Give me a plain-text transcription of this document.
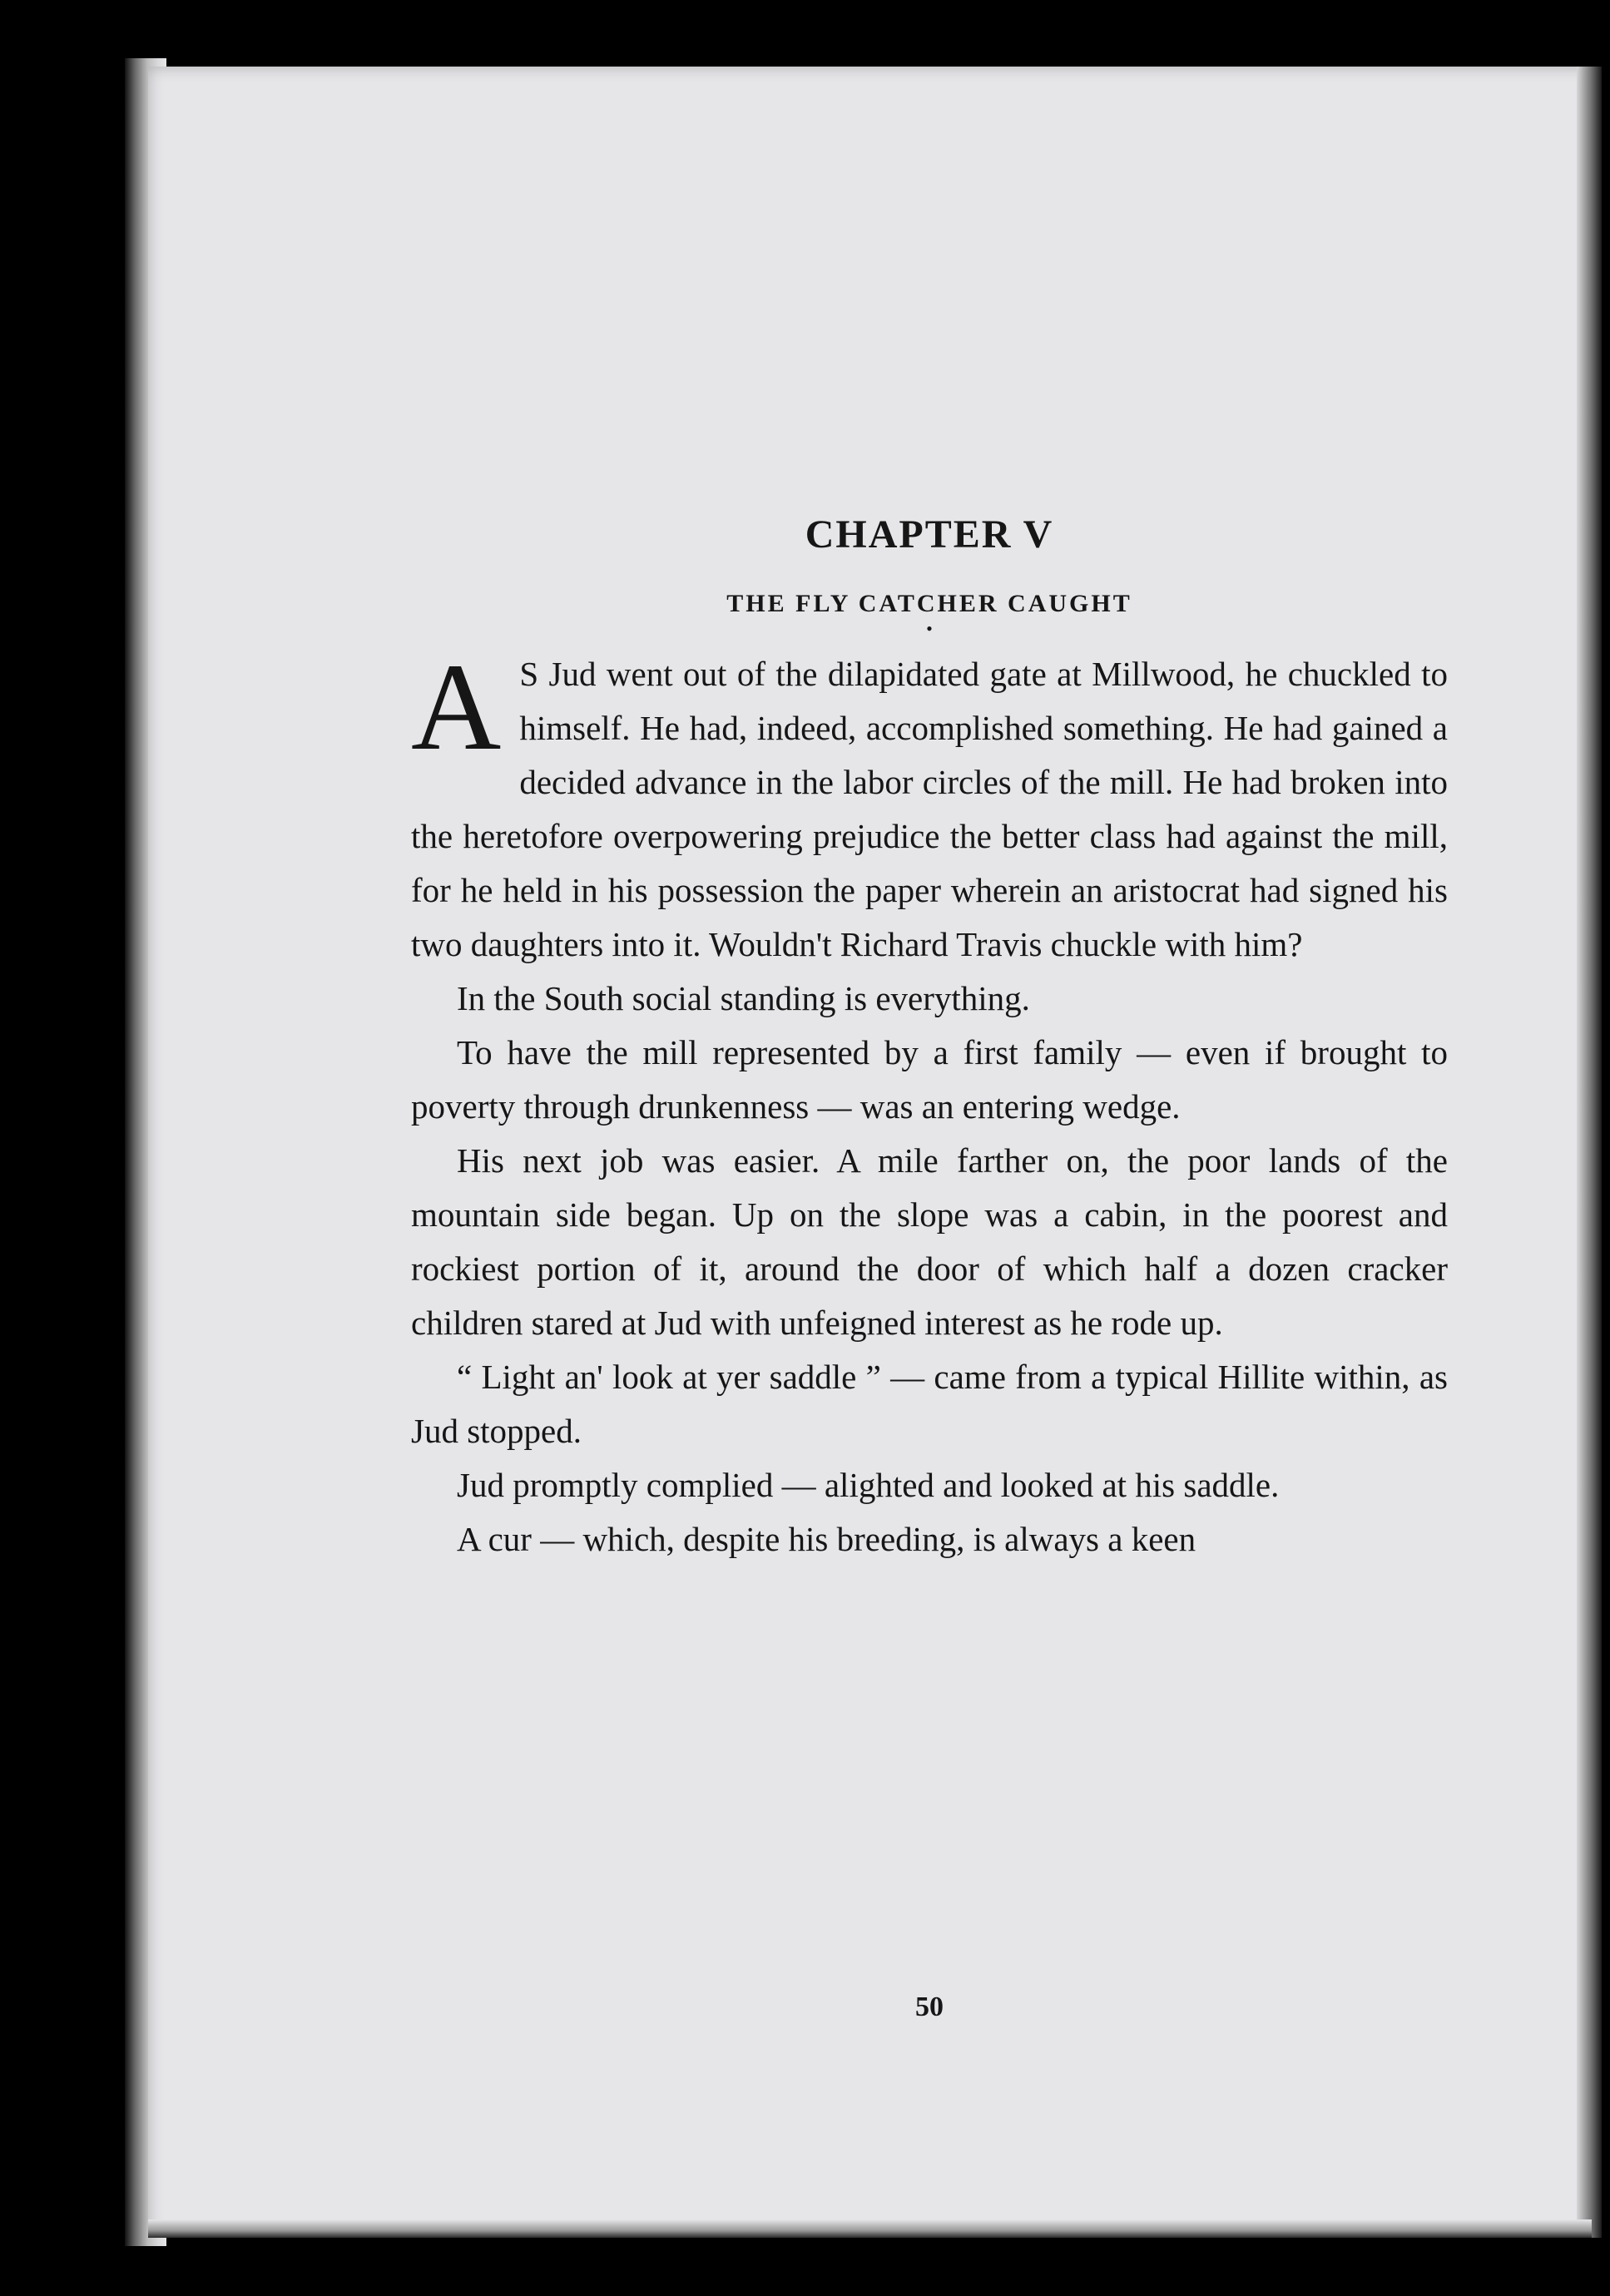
CHAPTER V
THE FLY CATCHER CAUGHT
•

A S Jud went out of the dilapidated gate at Millwood, he chuckled to himself. He had, indeed, accomplished something. He had gained a decided advance in the labor circles of the mill. He had broken into the heretofore overpowering prejudice the better class had against the mill, for he held in his possession the paper wherein an aristocrat had signed his two daughters into it. Wouldn't Richard Travis chuckle with him?

In the South social standing is everything.

To have the mill represented by a first family — even if brought to poverty through drunkenness — was an entering wedge.

His next job was easier. A mile farther on, the poor lands of the mountain side began. Up on the slope was a cabin, in the poorest and rockiest portion of it, around the door of which half a dozen cracker children stared at Jud with unfeigned interest as he rode up.

“ Light an' look at yer saddle ” — came from a typical Hillite within, as Jud stopped.

Jud promptly complied — alighted and looked at his saddle.

A cur — which, despite his breeding, is always a keen

50
